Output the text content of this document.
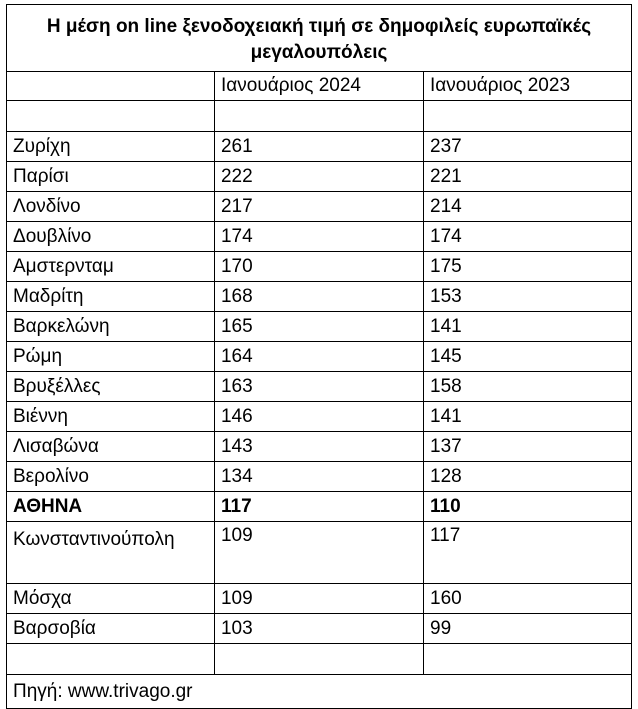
Η μέση on line ξενοδοχειακή τιμή σε δημοφιλείς ευρωπαϊκές μεγαλουπόλεις		
	Ιανουάριος 2024	Ιανουάριος 2023

Ζυρίχη	261	237
Παρίσι	222	221
Λονδίνο	217	214
Δουβλίνο	174	174
Αμστερνταμ	170	175
Μαδρίτη	168	153
Βαρκελώνη	165	141
Ρώμη	164	145
Βρυξέλλες	163	158
Βιέννη	146	141
Λισαβώνα	143	137
Βερολίνο	134	128
ΑΘΗΝΑ	117	110
Κωνσταντινούπολη	109	117
Μόσχα	109	160
Βαρσοβία	103	99

Πηγή: www.trivago.gr		
